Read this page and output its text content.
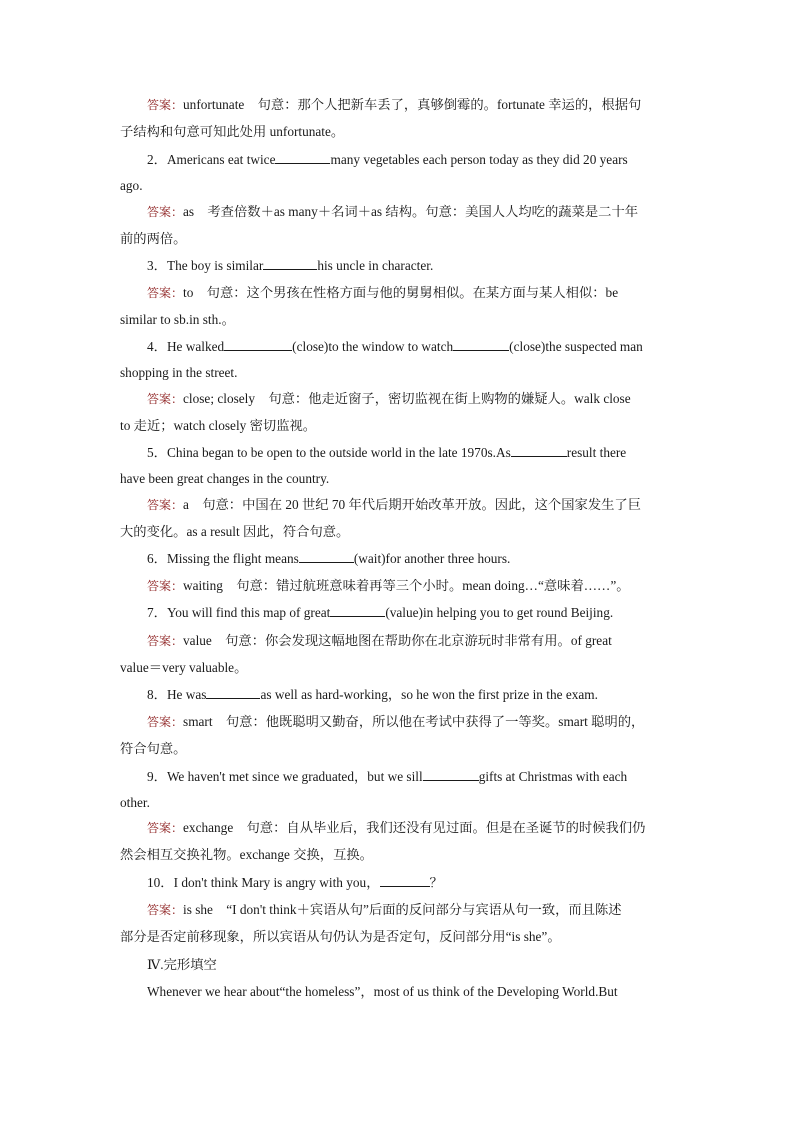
答案：unfortunate　句意：那个人把新车丢了，真够倒霉的。fortunate 幸运的，根据句
子结构和句意可知此处用 unfortunate。
2．Americans eat twice	many vegetables each person today as they did 20 years
ago.
答案：as　考查倍数＋as many＋名词＋as 结构。句意：美国人人均吃的蔬菜是二十年
前的两倍。
3．The boy is similar	his uncle in character.
答案：to　句意：这个男孩在性格方面与他的舅舅相似。在某方面与某人相似：be
similar to sb.in sth.。
4．He walked	(close)to the window to watch	(close)the suspected man
shopping in the street.
答案：close; closely　句意：他走近窗子，密切监视在街上购物的嫌疑人。walk close
to 走近；watch closely 密切监视。
5．China began to be open to the outside world in the late 1970s.As	result there
have been great changes in the country.
答案：a　句意：中国在 20 世纪 70 年代后期开始改革开放。因此，这个国家发生了巨
大的变化。as a result 因此，符合句意。
6．Missing the flight means	(wait)for another three hours.
答案：waiting　句意：错过航班意味着再等三个小时。mean doing…“意味着……”。
7．You will find this map of great	(value)in helping you to get round Beijing.
答案：value　句意：你会发现这幅地图在帮助你在北京游玩时非常有用。of great
value＝very valuable。
8．He was	as well as hard-working，so he won the first prize in the exam.
答案：smart　句意：他既聪明又勤奋，所以他在考试中获得了一等奖。smart 聪明的，
符合句意。
9．We haven't met since we graduated，but we sill	gifts at Christmas with each
other.
答案：exchange　句意：自从毕业后，我们还没有见过面。但是在圣诞节的时候我们仍
然会相互交换礼物。exchange 交换，互换。
10．I don't think Mary is angry with you，	？
答案：is she　“I don't think＋宾语从句”后面的反问部分与宾语从句一致，而且陈述
部分是否定前移现象，所以宾语从句仍认为是否定句，反问部分用“is she”。
Ⅳ.完形填空
Whenever we hear about“the homeless”，most of us think of the Developing World.But
